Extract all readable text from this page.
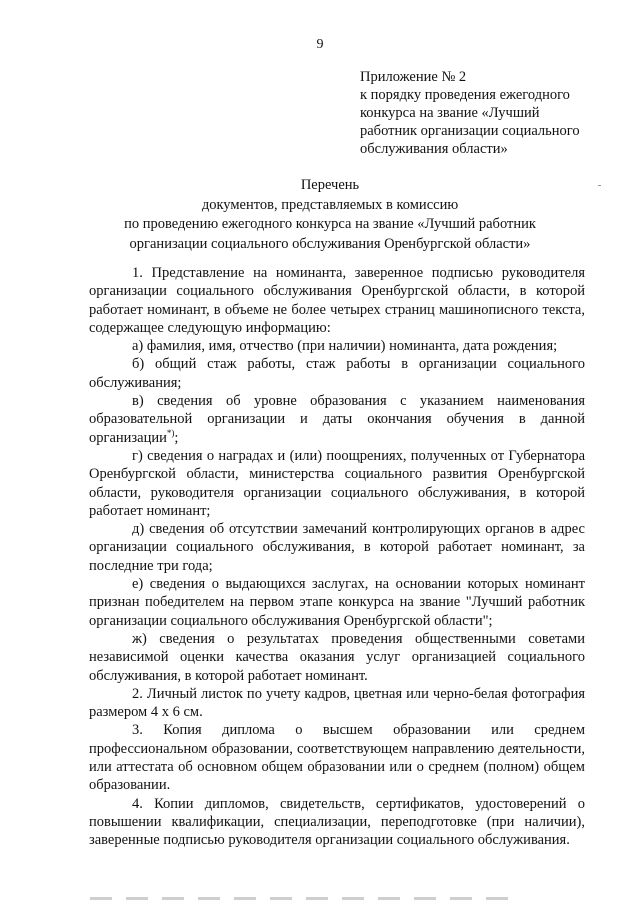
9
Приложение № 2
к порядку проведения ежегодного
конкурса на звание «Лучший
работник организации социального
обслуживания области»
Перечень
документов, представляемых в комиссию
по проведению ежегодного конкурса на звание «Лучший работник
организации социального обслуживания Оренбургской области»

1. Представление на номинанта, заверенное подписью руководителя организации социального обслуживания Оренбургской области, в которой работает номинант, в объеме не более четырех страниц машинописного текста, содержащее следующую информацию:

а) фамилия, имя, отчество (при наличии) номинанта, дата рождения;

б) общий стаж работы, стаж работы в организации социального обслуживания;

в) сведения об уровне образования с указанием наименования образовательной организации и даты окончания обучения в данной организации*);

г) сведения о наградах и (или) поощрениях, полученных от Губернатора Оренбургской области, министерства социального развития Оренбургской области, руководителя организации социального обслуживания, в которой работает номинант;

д) сведения об отсутствии замечаний контролирующих органов в адрес организации социального обслуживания, в которой работает номинант, за последние три года;

е) сведения о выдающихся заслугах, на основании которых номинант признан победителем на первом этапе конкурса на звание "Лучший работник организации социального обслуживания Оренбургской области";

ж) сведения о результатах проведения общественными советами независимой оценки качества оказания услуг организацией социального обслуживания, в которой работает номинант.

2. Личный листок по учету кадров, цветная или черно-белая фотография размером 4 х 6 см.

3. Копия диплома о высшем образовании или среднем профессиональном образовании, соответствующем направлению деятельности, или аттестата об основном общем образовании или о среднем (полном) общем образовании.

4. Копии дипломов, свидетельств, сертификатов, удостоверений о повышении квалификации, специализации, переподготовке (при наличии), заверенные подписью руководителя организации социального обслуживания.
